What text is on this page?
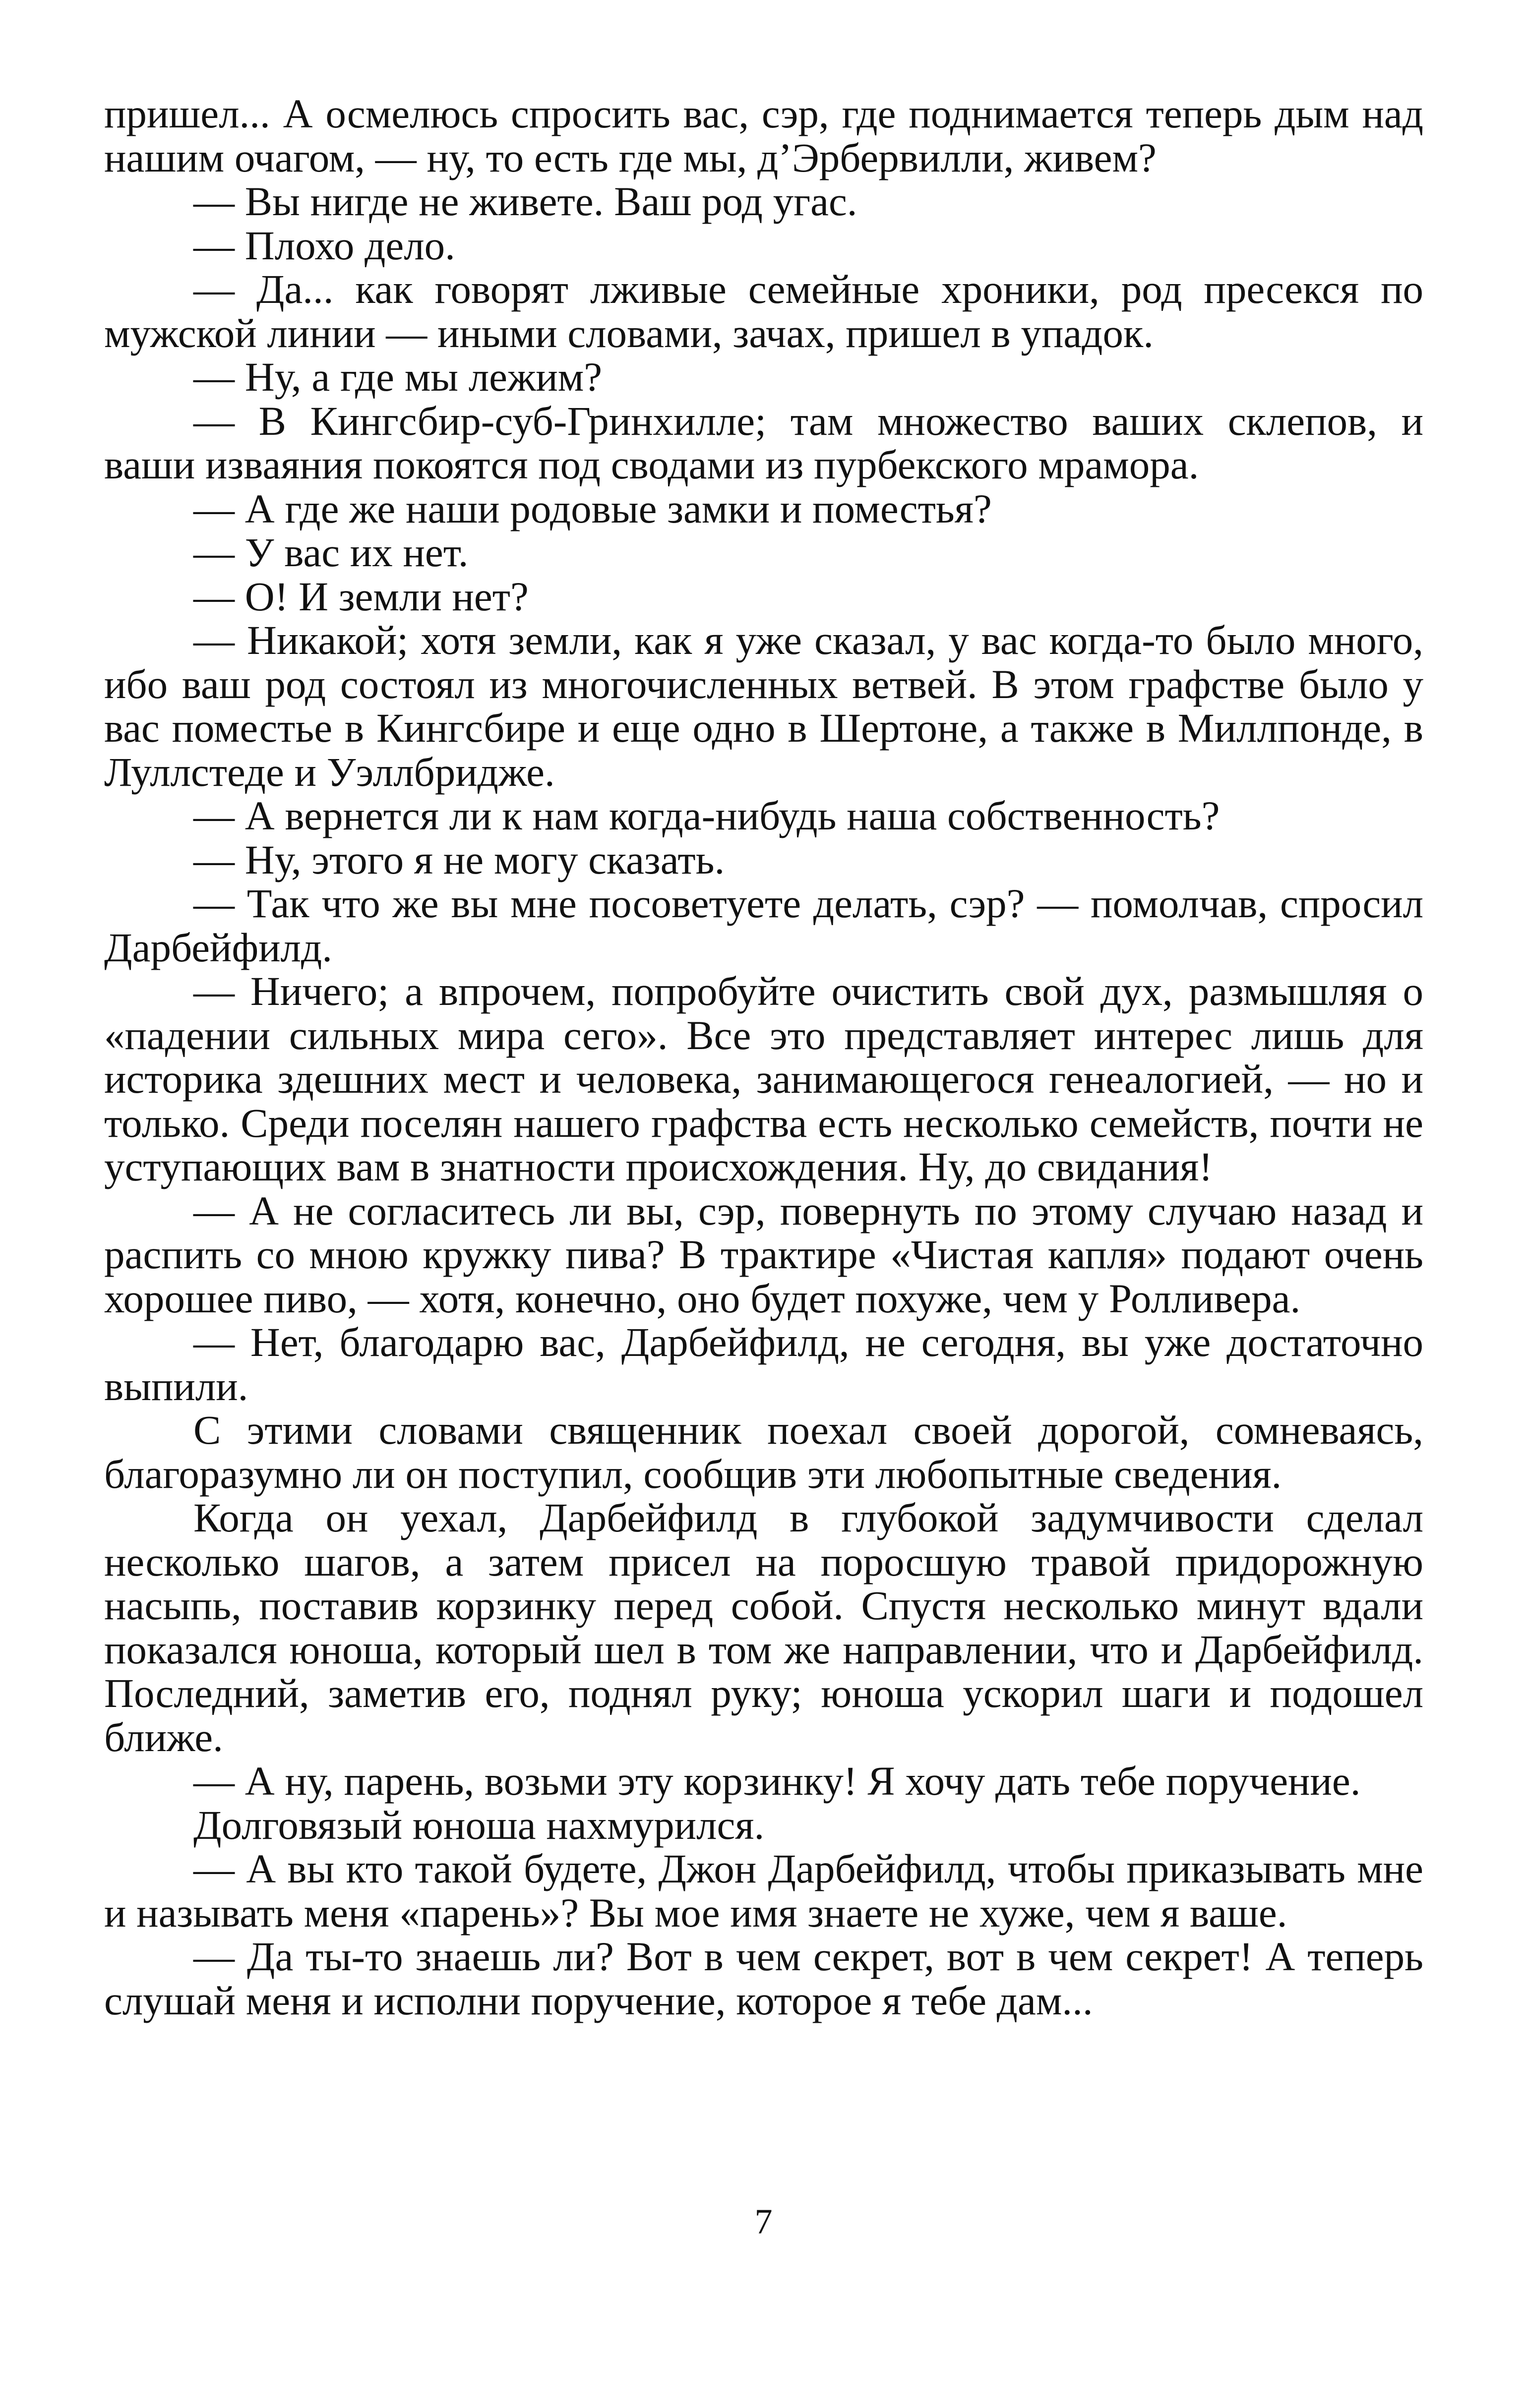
пришел... А осмелюсь спросить вас, сэр, где поднимается теперь дым над нашим очагом, — ну, то есть где мы, д’Эрбервилли, живем?

— Вы нигде не живете. Ваш род угас.

— Плохо дело.

— Да... как говорят лживые семейные хроники, род пресекся по мужской линии — иными словами, зачах, пришел в упадок.

— Ну, а где мы лежим?

— В Кингсбир-суб-Гринхилле; там множество ваших склепов, и ваши изваяния покоятся под сводами из пурбекского мрамора.

— А где же наши родовые замки и поместья?

— У вас их нет.

— О! И земли нет?

— Никакой; хотя земли, как я уже сказал, у вас когда-то было много, ибо ваш род состоял из многочисленных ветвей. В этом графстве было у вас поместье в Кингсбире и еще одно в Шертоне, а также в Миллпонде, в Луллстеде и Уэллбридже.

— А вернется ли к нам когда-нибудь наша собственность?

— Ну, этого я не могу сказать.

— Так что же вы мне посоветуете делать, сэр? — помолчав, спросил Дарбейфилд.

— Ничего; а впрочем, попробуйте очистить свой дух, размышляя о «падении сильных мира сего». Все это представляет интерес лишь для историка здешних мест и человека, занимающегося генеалогией, — но и только. Среди поселян нашего графства есть несколько семейств, почти не уступающих вам в знатности происхождения. Ну, до свидания!

— А не согласитесь ли вы, сэр, повернуть по этому случаю назад и распить со мною кружку пива? В трактире «Чистая капля» подают очень хорошее пиво, — хотя, конечно, оно будет похуже, чем у Ролливера.

— Нет, благодарю вас, Дарбейфилд, не сегодня, вы уже достаточно выпили.

С этими словами священник поехал своей дорогой, сомневаясь, благоразумно ли он поступил, сообщив эти любопытные сведения.

Когда он уехал, Дарбейфилд в глубокой задумчивости сделал несколько шагов, а затем присел на поросшую травой придорожную насыпь, поставив корзинку перед собой. Спустя несколько минут вдали показался юноша, который шел в том же направлении, что и Дарбейфилд. Последний, заметив его, поднял руку; юноша ускорил шаги и подошел ближе.

— А ну, парень, возьми эту корзинку! Я хочу дать тебе поручение.

Долговязый юноша нахмурился.

— А вы кто такой будете, Джон Дарбейфилд, чтобы приказывать мне и называть меня «парень»? Вы мое имя знаете не хуже, чем я ваше.

— Да ты-то знаешь ли? Вот в чем секрет, вот в чем секрет! А теперь слушай меня и исполни поручение, которое я тебе дам...

7
